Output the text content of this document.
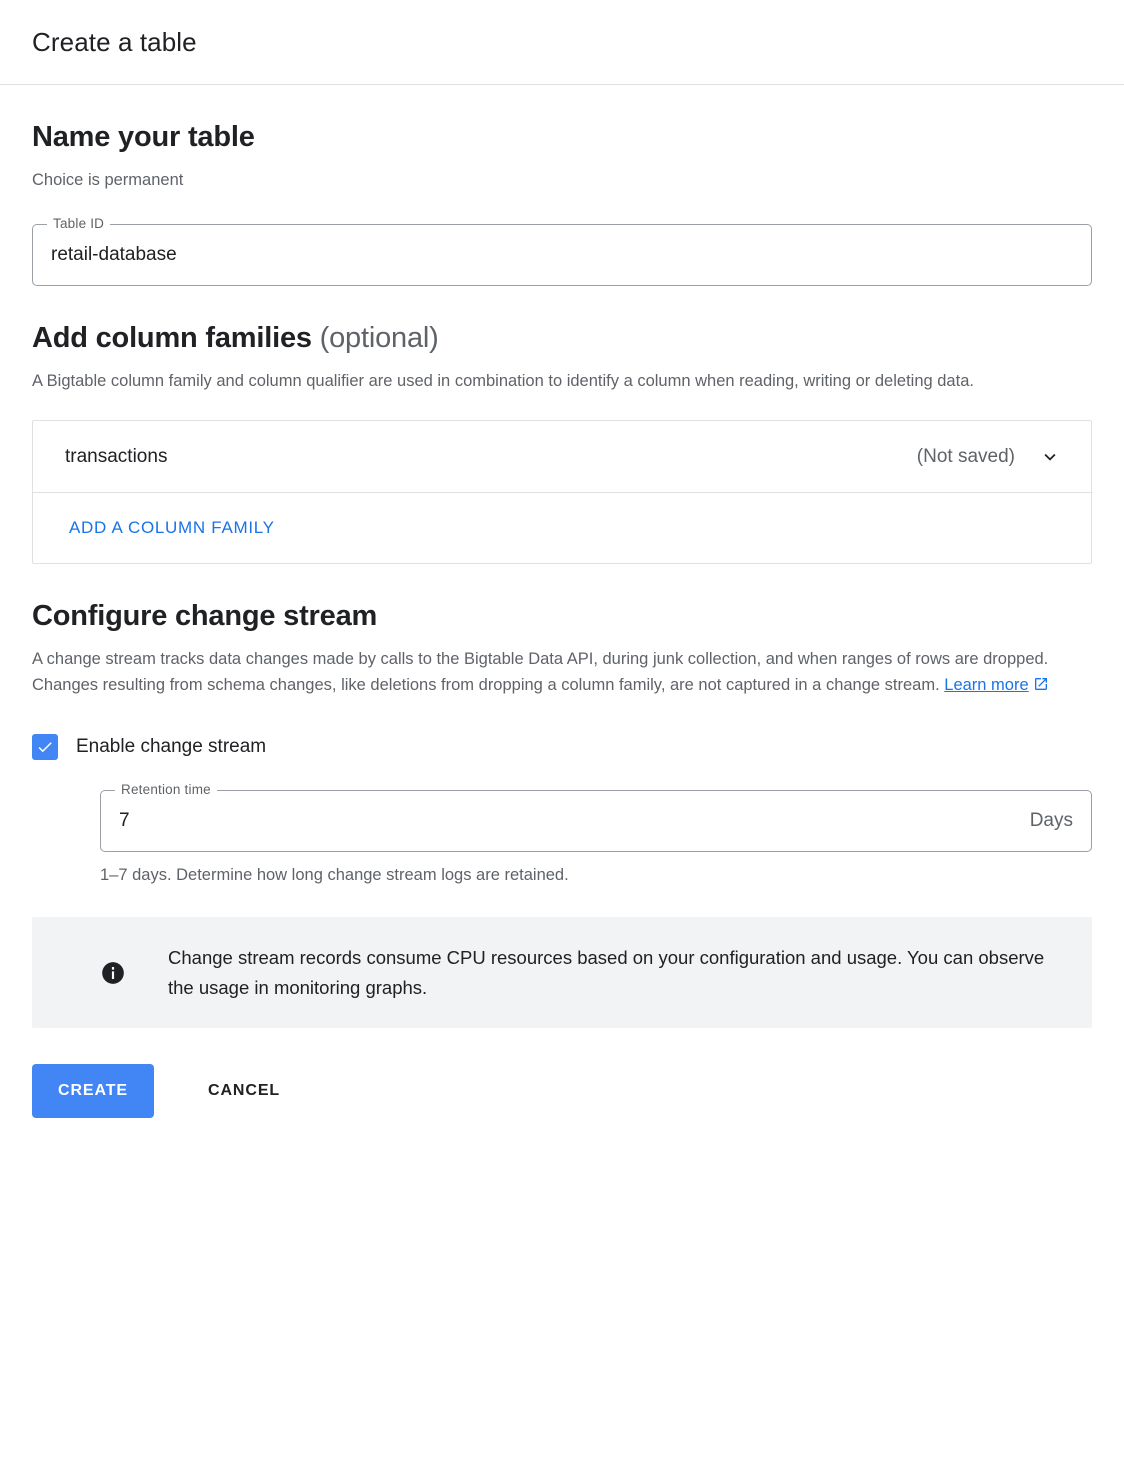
Create a table
Name your table
Choice is permanent
Table ID
retail-database
Add column families (optional)
A Bigtable column family and column qualifier are used in combination to identify a column when reading, writing or deleting data.
transactions	(Not saved)
ADD A COLUMN FAMILY
Configure change stream
A change stream tracks data changes made by calls to the Bigtable Data API, during junk collection, and when ranges of rows are dropped. Changes resulting from schema changes, like deletions from dropping a column family, are not captured in a change stream. Learn more
Enable change stream
Retention time
7
Days
1–7 days. Determine how long change stream logs are retained.
Change stream records consume CPU resources based on your configuration and usage. You can observe the usage in monitoring graphs.
CREATE	CANCEL
